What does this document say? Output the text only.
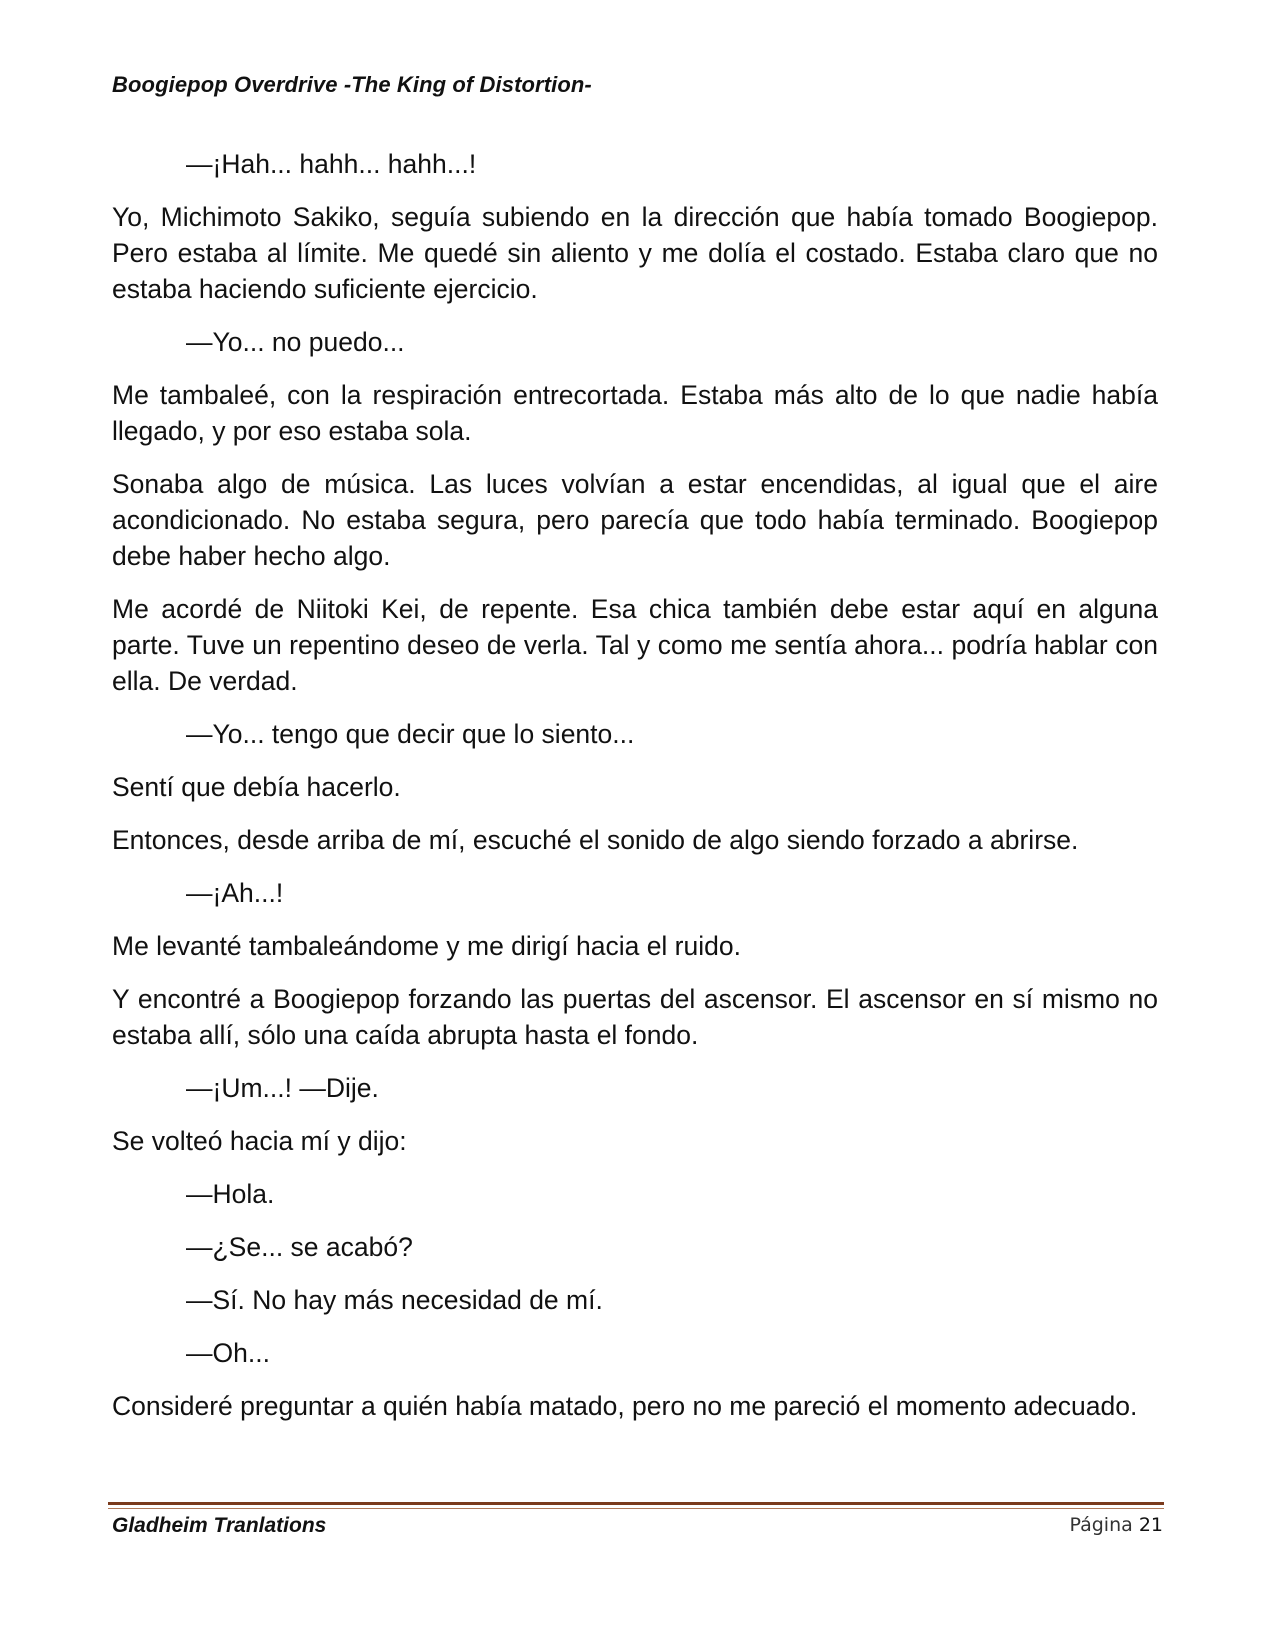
Boogiepop Overdrive -The King of Distortion-

—¡Hah... hahh... hahh...!

Yo, Michimoto Sakiko, seguía subiendo en la dirección que había tomado Boogiepop. Pero estaba al límite. Me quedé sin aliento y me dolía el costado. Estaba claro que no estaba haciendo suficiente ejercicio.

—Yo... no puedo...

Me tambaleé, con la respiración entrecortada. Estaba más alto de lo que nadie había llegado, y por eso estaba sola.

Sonaba algo de música. Las luces volvían a estar encendidas, al igual que el aire acondicionado. No estaba segura, pero parecía que todo había terminado. Boogiepop debe haber hecho algo.

Me acordé de Niitoki Kei, de repente. Esa chica también debe estar aquí en alguna parte. Tuve un repentino deseo de verla. Tal y como me sentía ahora... podría hablar con ella. De verdad.

—Yo... tengo que decir que lo siento...

Sentí que debía hacerlo.

Entonces, desde arriba de mí, escuché el sonido de algo siendo forzado a abrirse.

—¡Ah...!

Me levanté tambaleándome y me dirigí hacia el ruido.

Y encontré a Boogiepop forzando las puertas del ascensor. El ascensor en sí mismo no estaba allí, sólo una caída abrupta hasta el fondo.

—¡Um...! —Dije.

Se volteó hacia mí y dijo:

—Hola.

—¿Se... se acabó?

—Sí. No hay más necesidad de mí.

—Oh...

Consideré preguntar a quién había matado, pero no me pareció el momento adecuado.

Gladheim Tranlations	Página 21
